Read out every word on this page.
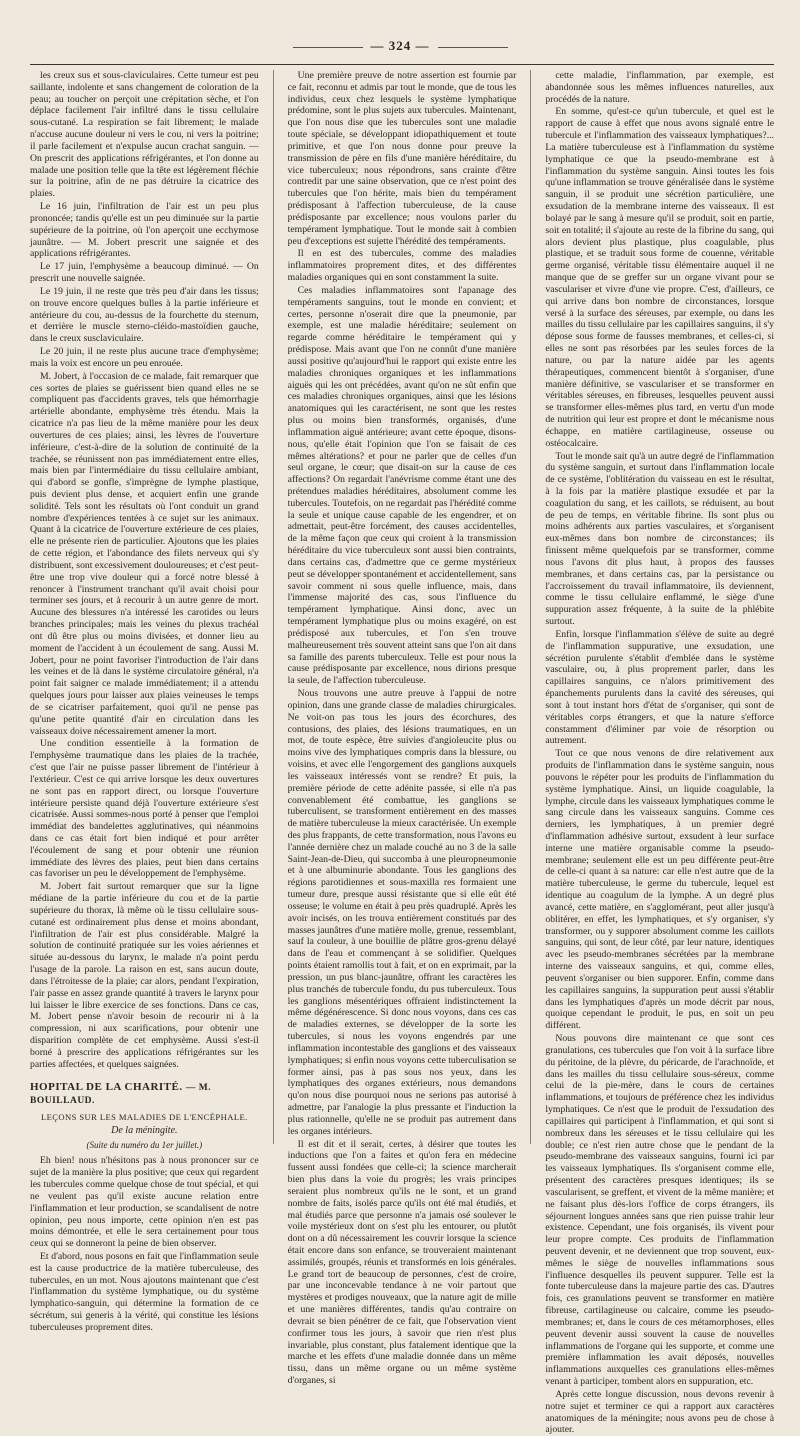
— 324 —

les creux sus et sous-claviculaires. Cette tumeur est peu saillante, indolente et sans changement de coloration de la peau; au toucher on perçoit une crépitation sèche, et l'on déplace facilement l'air infiltré dans le tissu cellulaire sous-cutané. La respiration se fait librement; le malade n'accuse aucune douleur ni vers le cou, ni vers la poitrine; il parle facilement et n'expulse aucun crachat sanguin. — On prescrit des applications réfrigérantes, et l'on donne au malade une position telle que la tête est légèrement fléchie sur la poitrine, afin de ne pas détruire la cicatrice des plaies.

Le 16 juin, l'infiltration de l'air est un peu plus prononcée; tandis qu'elle est un peu diminuée sur la partie supérieure de la poitrine, où l'on aperçoit une ecchymose jaunâtre. — M. Jobert prescrit une saignée et des applications réfrigérantes.

Le 17 juin, l'emphysème a beaucoup diminué. — On prescrit une nouvelle saignée.

Le 19 juin, il ne reste que très peu d'air dans les tissus; on trouve encore quelques bulles à la partie inférieure et antérieure du cou, au-dessus de la fourchette du sternum, et derrière le muscle sterno-cléido-mastoïdien gauche, dans le creux susclaviculaire.

Le 20 juin, il ne reste plus aucune trace d'emphysème; mais la voix est encore un peu enrouée.

M. Jobert, à l'occasion de ce malade, fait remarquer que ces sortes de plaies se guérissent bien quand elles ne se compliquent pas d'accidents graves, tels que hémorrhagie artérielle abondante, emphysème très étendu. Mais la cicatrice n'a pas lieu de la même manière pour les deux ouvertures de ces plaies; ainsi, les lèvres de l'ouverture inférieure, c'est-à-dire de la solution de continuité de la trachée, se réunissent non pas immédiatement entre elles, mais bien par l'intermédiaire du tissu cellulaire ambiant, qui d'abord se gonfle, s'imprègne de lymphe plastique, puis devient plus dense, et acquiert enfin une grande solidité. Tels sont les résultats où l'ont conduit un grand nombre d'expériences tentées à ce sujet sur les animaux. Quant à la cicatrice de l'ouverture extérieure de ces plaies, elle ne présente rien de particulier. Ajoutons que les plaies de cette région, et l'abondance des filets nerveux qui s'y distribuent, sont excessivement douloureuses; et c'est peut-être une trop vive douleur qui a forcé notre blessé à renoncer à l'instrument tranchant qu'il avait choisi pour terminer ses jours, et à recourir à un autre genre de mort. Aucune des blessures n'a intéressé les carotides ou leurs branches principales; mais les veines du plexus trachéal ont dû être plus ou moins divisées, et donner lieu au moment de l'accident à un écoulement de sang. Aussi M. Jobert, pour ne point favoriser l'introduction de l'air dans les veines et de là dans le système circulatoire général, n'a point fait saigner ce malade immédiatement; il a attendu quelques jours pour laisser aux plaies veineuses le temps de se cicatriser parfaitement, quoi qu'il ne pense pas qu'une petite quantité d'air en circulation dans les vaisseaux doive nécessairement amener la mort.

Une condition essentielle à la formation de l'emphysème traumatique dans les plaies de la trachée, c'est que l'air ne puisse passer librement de l'intérieur à l'extérieur. C'est ce qui arrive lorsque les deux ouvertures ne sont pas en rapport direct, ou lorsque l'ouverture intérieure persiste quand déjà l'ouverture extérieure s'est cicatrisée. Aussi sommes-nous porté à penser que l'emploi immédiat des bandelettes agglutinatives, qui néanmoins dans ce cas était fort bien indiqué et pour arrêter l'écoulement de sang et pour obtenir une réunion immédiate des lèvres des plaies, peut bien dans certains cas favoriser un peu le développement de l'emphysème.

M. Jobert fait surtout remarquer que sur la ligne médiane de la partie inférieure du cou et de la partie supérieure du thorax, là même où le tissu cellulaire sous-cutané est ordinairement plus dense et moins abondant, l'infiltration de l'air est plus considérable. Malgré la solution de continuité pratiquée sur les voies aériennes et située au-dessous du larynx, le malade n'a point perdu l'usage de la parole. La raison en est, sans aucun doute, dans l'étroitesse de la plaie; car alors, pendant l'expiration, l'air passe en assez grande quantité à travers le larynx pour lui laisser le libre exercice de ses fonctions. Dans ce cas, M. Jobert pense n'avoir besoin de recourir ni à la compression, ni aux scarifications, pour obtenir une disparition complète de cet emphysème. Aussi s'est-il borné à prescrire des applications réfrigérantes sur les parties affectées, et quelques saignées.

HOPITAL DE LA CHARITÉ. — M. BOUILLAUD.
LEÇONS SUR LES MALADIES DE L'ENCÉPHALE.
De la méningite.
(Suite du numéro du 1er juillet.)

Eh bien! nous n'hésitons pas à nous prononcer sur ce sujet de la manière la plus positive; que ceux qui regardent les tubercules comme quelque chose de tout spécial, et qui ne veulent pas qu'il existe aucune relation entre l'inflammation et leur production, se scandalisent de notre opinion, peu nous importe, cette opinion n'en est pas moins démontrée, et elle le sera certainement pour tous ceux qui se donneront la peine de bien observer.

Et d'abord, nous posons en fait que l'inflammation seule est la cause productrice de la matière tuberculeuse, des tubercules, en un mot. Nous ajoutons maintenant que c'est l'inflammation du système lymphatique, ou du système lymphatico-sanguin, qui détermine la formation de ce sécrétum, sui generis à la vérité, qui constitue les lésions tuberculeuses proprement dites.

Une première preuve de notre assertion est fournie par ce fait, reconnu et admis par tout le monde, que de tous les individus, ceux chez lesquels le système lymphatique prédomine, sont le plus sujets aux tubercules. Maintenant, que l'on nous dise que les tubercules sont une maladie toute spéciale, se développant idiopathiquement et toute primitive, et que l'on nous donne pour preuve la transmission de père en fils d'une manière héréditaire, du vice tuberculeux; nous répondrons, sans crainte d'être contredit par une saine observation, que ce n'est point des tubercules que l'on hérite, mais bien du tempérament prédisposant à l'affection tuberculeuse, de la cause prédisposante par excellence; nous voulons parler du tempérament lymphatique. Tout le monde sait à combien peu d'exceptions est sujette l'hérédité des tempéraments.

Il en est des tubercules, comme des maladies inflammatoires proprement dites, et des différentes maladies organiques qui en sont constamment la suite.

Ces maladies inflammatoires sont l'apanage des tempéraments sanguins, tout le monde en convient; et certes, personne n'oserait dire que la pneumonie, par exemple, est une maladie héréditaire; seulement on regarde comme héréditaire le tempérament qui y prédispose. Mais avant que l'on ne connût d'une manière aussi positive qu'aujourd'hui le rapport qui existe entre les maladies chroniques organiques et les inflammations aiguës qui les ont précédées, avant qu'on ne sût enfin que ces maladies chroniques organiques, ainsi que les lésions anatomiques qui les caractérisent, ne sont que les restes plus ou moins bien transformés, organisés, d'une inflammation aiguë antérieure; avant cette époque, disons-nous, qu'elle était l'opinion que l'on se faisait de ces mêmes altérations? et pour ne parler que de celles d'un seul organe, le cœur; que disait-on sur la cause de ces affections? On regardait l'anévrisme comme étant une des prétendues maladies héréditaires, absolument comme les tubercules. Toutefois, on ne regardait pas l'hérédité comme la seule et unique cause capable de les engendrer, et on admettait, peut-être forcément, des causes accidentelles, de la même façon que ceux qui croient à la transmission héréditaire du vice tuberculeux sont aussi bien contraints, dans certains cas, d'admettre que ce germe mystérieux peut se développer spontanément et accidentellement, sans savoir comment ni sous quelle influence, mais, dans l'immense majorité des cas, sous l'influence du tempérament lymphatique. Ainsi donc, avec un tempérament lymphatique plus ou moins exagéré, on est prédisposé aux tubercules, et l'on s'en trouve malheureusement très souvent atteint sans que l'on ait dans sa famille des parents tuberculeux. Telle est pour nous la cause prédisposante par excellence, nous dirions presque la seule, de l'affection tuberculeuse.

Nous trouvons une autre preuve à l'appui de notre opinion, dans une grande classe de maladies chirurgicales. Ne voit-on pas tous les jours des écorchures, des contusions, des plaies, des lésions traumatiques, en un mot, de toute espèce, être suivies d'angioleucite plus ou moins vive des lymphatiques compris dans la blessure, ou voisins, et avec elle l'engorgement des ganglions auxquels les vaisseaux intéressés vont se rendre? Et puis, la première période de cette adénite passée, si elle n'a pas convenablement été combattue, les ganglions se tuberculisent, se transforment entièrement en des masses de matière tuberculeuse la mieux caractérisée. Un exemple des plus frappants, de cette transformation, nous l'avons eu l'année dernière chez un malade couché au no 3 de la salle Saint-Jean-de-Dieu, qui succomba à une pleuropneumonie et à une albuminurie abondante. Tous les ganglions des régions parotidiennes et sous-maxilla res formaient une tumeur dure, presque aussi résistante que si elle eût été osseuse; le volume en était à peu près quadruplé. Après les avoir incisés, on les trouva entièrement constitués par des masses jaunâtres d'une matière molle, grenue, ressemblant, sauf la couleur, à une bouillie de plâtre gros-grenu délayé dans de l'eau et commençant à se solidifier. Quelques points étaient ramollis tout à fait, et on en exprimait, par la pression, un pus blanc-jaunâtre, offrant les caractères les plus tranchés de tubercule fondu, du pus tuberculeux. Tous les ganglions mésentériques offraient indistinctement la même dégénérescence. Si donc nous voyons, dans ces cas de maladies externes, se développer de la sorte les tubercules, si nous les voyons engendrés par une inflammation incontestable des ganglions et des vaisseaux lymphatiques; si enfin nous voyons cette tuberculisation se former ainsi, pas à pas sous nos yeux, dans les lymphatiques des organes extérieurs, nous demandons qu'on nous dise pourquoi nous ne serions pas autorisé à admettre, par l'analogie la plus pressante et l'induction la plus rationnelle, qu'elle ne se produit pas autrement dans les organes intérieurs.

Il est dit et il serait, certes, à désirer que toutes les inductions que l'on a faites et qu'on fera en médecine fussent aussi fondées que celle-ci; la science marcherait bien plus dans la voie du progrès; les vrais principes seraient plus nombreux qu'ils ne le sont, et un grand nombre de faits, isolés parce qu'ils ont été mal étudiés, et mal étudiés parce que personne n'a jamais osé soulever le voile mystérieux dont on s'est plu les entourer, ou plutôt dont on a dû nécessairement les couvrir lorsque la science était encore dans son enfance, se trouveraient maintenant assimilés, groupés, réunis et transformés en lois générales. Le grand tort de beaucoup de personnes, c'est de croire, par une inconcevable tendance à ne voir partout que mystères et prodiges nouveaux, que la nature agit de mille et une manières différentes, tandis qu'au contraire on devrait se bien pénétrer de ce fait, que l'observation vient confirmer tous les jours, à savoir que rien n'est plus invariable, plus constant, plus fatalement identique que la marche et les effets d'une maladie donnée dans un même tissu, dans un même organe ou un même système d'organes, si

cette maladie, l'inflammation, par exemple, est abandonnée sous les mêmes influences naturelles, aux procédés de la nature.

En somme, qu'est-ce qu'un tubercule, et quel est le rapport de cause à effet que nous avons signalé entre le tubercule et l'inflammation des vaisseaux lymphatiques?... La matière tuberculeuse est à l'inflammation du système lymphatique ce que la pseudo-membrane est à l'inflammation du système sanguin. Ainsi toutes les fois qu'une inflammation se trouve généralisée dans le système sanguin, il se produit une sécrétion particulière, une exsudation de la membrane interne des vaisseaux. Il est bolayé par le sang à mesure qu'il se produit, soit en partie, soit en totalité; il s'ajoute au reste de la fibrine du sang, qui alors devient plus plastique, plus coagulable, plus plastique, et se traduit sous forme de couenne, véritable germe organisé, véritable tissu élémentaire auquel il ne manque que de se greffer sur un organe vivant pour se vasculariser et vivre d'une vie propre. C'est, d'ailleurs, ce qui arrive dans bon nombre de circonstances, lorsque versé à la surface des séreuses, par exemple, ou dans les mailles du tissu cellulaire par les capillaires sanguins, il s'y dépose sous forme de fausses membranes, et celles-ci, si elles ne sont pas résorbées par les seules forces de la nature, ou par la nature aidée par les agents thérapeutiques, commencent bientôt à s'organiser, d'une manière définitive, se vasculariser et se transformer en véritables séreuses, en fibreuses, lesquelles peuvent aussi se transformer elles-mêmes plus tard, en vertu d'un mode de nutrition qui leur est propre et dont le mécanisme nous échappe, en matière cartilagineuse, osseuse ou ostéocalcaire.

Tout le monde sait qu'à un autre degré de l'inflammation du système sanguin, et surtout dans l'inflammation locale de ce système, l'oblitération du vaisseau en est le résultat, à la fois par la matière plastique exsudée et par la coagulation du sang, et les caillots, se réduisent, au bout de peu de temps, en véritable fibrine. Ils sont plus ou moins adhérents aux parties vasculaires, et s'organisent eux-mêmes dans bon nombre de circonstances; ils finissent même quelquefois par se transformer, comme nous l'avons dit plus haut, à propos des fausses membranes, et dans certains cas, par la persistance ou l'accroissement du travail inflammatoire, ils deviennent, comme le tissu cellulaire enflammé, le siège d'une suppuration assez fréquente, à la suite de la phlébite surtout.

Enfin, lorsque l'inflammation s'élève de suite au degré de l'inflammation suppurative, une exsudation, une sécrétion purulente s'établit d'emblée dans le système vasculaire, ou, à plus proprement parler, dans les capillaires sanguins, ce n'alors primitivement des épanchements purulents dans la cavité des séreuses, qui sont à tout instant hors d'état de s'organiser, qui sont de véritables corps étrangers, et que la nature s'efforce constamment d'éliminer par voie de résorption ou autrement.

Tout ce que nous venons de dire relativement aux produits de l'inflammation dans le système sanguin, nous pouvons le répéter pour les produits de l'inflammation du système lymphatique. Ainsi, un liquide coagulable, la lymphe, circule dans les vaisseaux lymphatiques comme le sang circule dans les vaisseaux sanguins. Comme ces derniers, les lymphatiques, à un premier degré d'inflammation adhésive surtout, exsudent à leur surface interne une matière organisable comme la pseudo-membrane; seulement elle est un peu différente peut-être de celle-ci quant à sa nature: car elle n'est autre que de la matière tuberculeuse, le germe du tubercule, lequel est identique au coagulum de la lymphe. A un degré plus avancé, cette matière, en s'agglomérant, peut aller jusqu'à oblitérer, en effet, les lymphatiques, et s'y organiser, s'y transformer, ou y supporer absolument comme les caillots sanguins, qui sont, de leur côté, par leur nature, identiques avec les pseudo-membranes sécrétées par la membrane interne des vaisseaux sanguins, et qui, comme elles, peuvent s'organiser ou bien supporer. Enfin, comme dans les capillaires sanguins, la suppuration peut aussi s'établir dans les lymphatiques d'après un mode décrit par nous, quoique cependant le produit, le pus, en soit un peu différent.

Nous pouvons dire maintenant ce que sont ces granulations, ces tubercules que l'on voit à la surface libre du péritoine, de la plèvre, du péricarde, de l'arachnoïde, et dans les mailles du tissu cellulaire sous-séreux, comme celui de la pie-mère, dans le cours de certaines inflammations, et toujours de préférence chez les individus lymphatiques. Ce n'est que le produit de l'exsudation des capillaires qui participent à l'inflammation, et qui sont si nombreux dans les séreuses et le tissu cellulaire qui les double; ce n'est rien autre chose que le pendant de la pseudo-membrane des vaisseaux sanguins, fourni ici par les vaisseaux lymphatiques. Ils s'organisent comme elle, présentent des caractères presques identiques; ils se vascularisent, se greffent, et vivent de la même manière; et ne faisant plus dès-lors l'office de corps étrangers, ils séjournent longues années sans que rien puisse trahir leur existence. Cependant, une fois organisés, ils vivent pour leur propre compte. Ces produits de l'inflammation peuvent devenir, et ne deviennent que trop souvent, eux-mêmes le siège de nouvelles inflammations sous l'influence desquelles ils peuvent suppurer. Telle est la fonte tuberculeuse dans la majeure partie des cas. D'autres fois, ces granulations peuvent se transformer en matière fibreuse, cartilagineuse ou calcaire, comme les pseudo-membranes; et, dans le cours de ces métamorphoses, elles peuvent devenir aussi souvent la cause de nouvelles inflammations de l'organe qui les supporte, et comme une première inflammation les avait déposés, nouvelles inflammations auxquelles ces granulations elles-mêmes venant à participer, tombent alors en suppuration, etc.

Après cette longue discussion, nous devons revenir à notre sujet et terminer ce qui a rapport aux caractères anatomiques de la méningite; nous avons peu de chose à ajouter.
